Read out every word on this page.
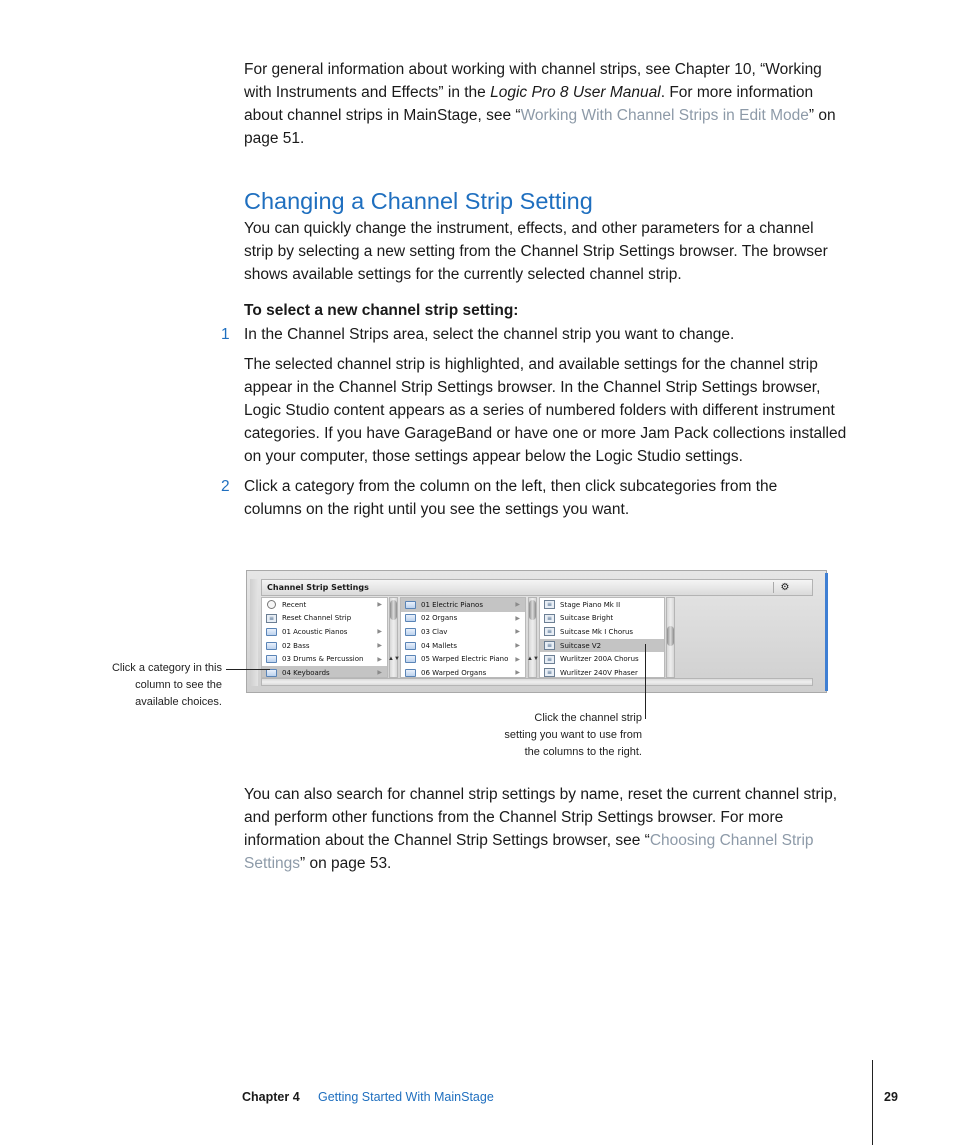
For general information about working with channel strips, see Chapter 10, “Working
with Instruments and Effects” in the Logic Pro 8 User Manual. For more information
about channel strips in MainStage, see “Working With Channel Strips in Edit Mode” on
page 51.

Changing a Channel Strip Setting

You can quickly change the instrument, effects, and other parameters for a channel
strip by selecting a new setting from the Channel Strip Settings browser. The browser
shows available settings for the currently selected channel strip.

To select a new channel strip setting:
1 In the Channel Strips area, select the channel strip you want to change.

The selected channel strip is highlighted, and available settings for the channel strip
appear in the Channel Strip Settings browser. In the Channel Strip Settings browser,
Logic Studio content appears as a series of numbered folders with different instrument
categories. If you have GarageBand or have one or more Jam Pack collections installed
on your computer, those settings appear below the Logic Studio settings.

2 Click a category from the column on the left, then click subcategories from the
columns on the right until you see the settings you want.

Channel Strip Settings	⚙
Recent	▶
≡	Reset Channel Strip
01 Acoustic Pianos	▶
02 Bass	▶
03 Drums & Percussion ▶
04 Keyboards	▶
▲▼
01 Electric Pianos	▶
02 Organs	▶
03 Clav	▶
04 Mallets	▶
05 Warped Electric Piano ▶
06 Warped Organs	▶
▲▼
≡	Stage Piano Mk II
≡	Suitcase Bright
≡	Suitcase Mk I Chorus
≡	Suitcase V2
≡	Wurlitzer 200A Chorus
≡	Wurlitzer 240V Phaser
Click a category in this
column to see the
available choices.
Click the channel strip
setting you want to use from
the columns to the right.

You can also search for channel strip settings by name, reset the current channel strip,
and perform other functions from the Channel Strip Settings browser. For more
information about the Channel Strip Settings browser, see “Choosing Channel Strip
Settings” on page 53.

Chapter 4 Getting Started With MainStage	29
